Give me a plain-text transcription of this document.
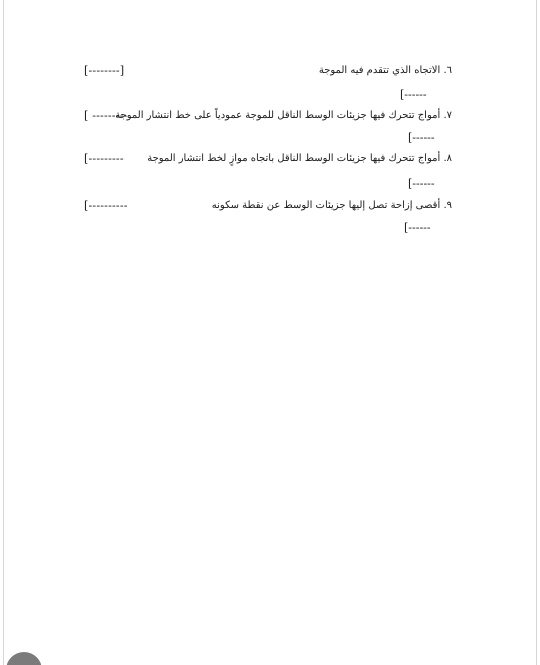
٦. الاتجاه الذي تتقدم فيه الموجة
[--------]
[------
٧. أمواج تتحرك فيها جزيئات الوسط الناقل للموجة عمودياً على خط انتشار الموجة
[ ---------
[------
٨. أمواج تتحرك فيها جزيئات الوسط الناقل باتجاه موازٍ لخط انتشار الموجة
[---------
[------
٩. أقصى إزاحة تصل إليها جزيئات الوسط عن نقطة سكونه
[----------
[------
